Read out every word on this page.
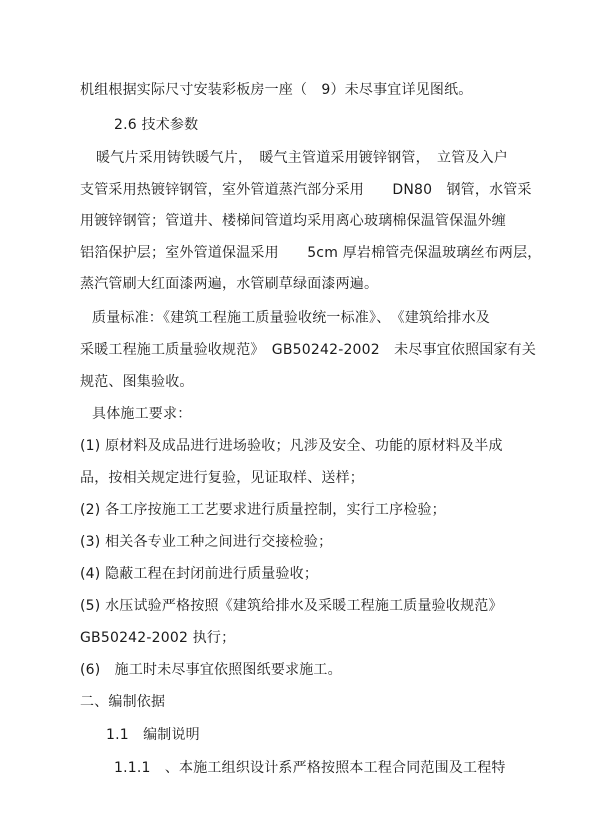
机组根据实际尺寸安装彩板房一座（　9）未尽事宜详见图纸。
2.6 技术参数
暖气片采用铸铁暖气片，　暖气主管道采用镀锌钢管，　立管及入户
支管采用热镀锌钢管，室外管道蒸汽部分采用　　DN80　钢管，水管采
用镀锌钢管；管道井、楼梯间管道均采用离心玻璃棉保温管保温外缠
铝箔保护层；室外管道保温采用　　5cm 厚岩棉管壳保温玻璃丝布两层，
蒸汽管刷大红面漆两遍，水管刷草绿面漆两遍。
质量标准：《建筑工程施工质量验收统一标准》、　《建筑给排水及
采暖工程施工质量验收规范》　GB50242-2002　未尽事宜依照国家有关
规范、图集验收。
具体施工要求：
(1) 原材料及成品进行进场验收；凡涉及安全、功能的原材料及半成
品，按相关规定进行复验，见证取样、送样；
(2) 各工序按施工工艺要求进行质量控制，实行工序检验；
(3) 相关各专业工种之间进行交接检验；
(4) 隐蔽工程在封闭前进行质量验收；
(5) 水压试验严格按照《建筑给排水及采暖工程施工质量验收规范》
GB50242-2002 执行；
(6)　施工时未尽事宜依照图纸要求施工。
二、编制依据
1.1　编制说明
1.1.1　、本施工组织设计系严格按照本工程合同范围及工程特
